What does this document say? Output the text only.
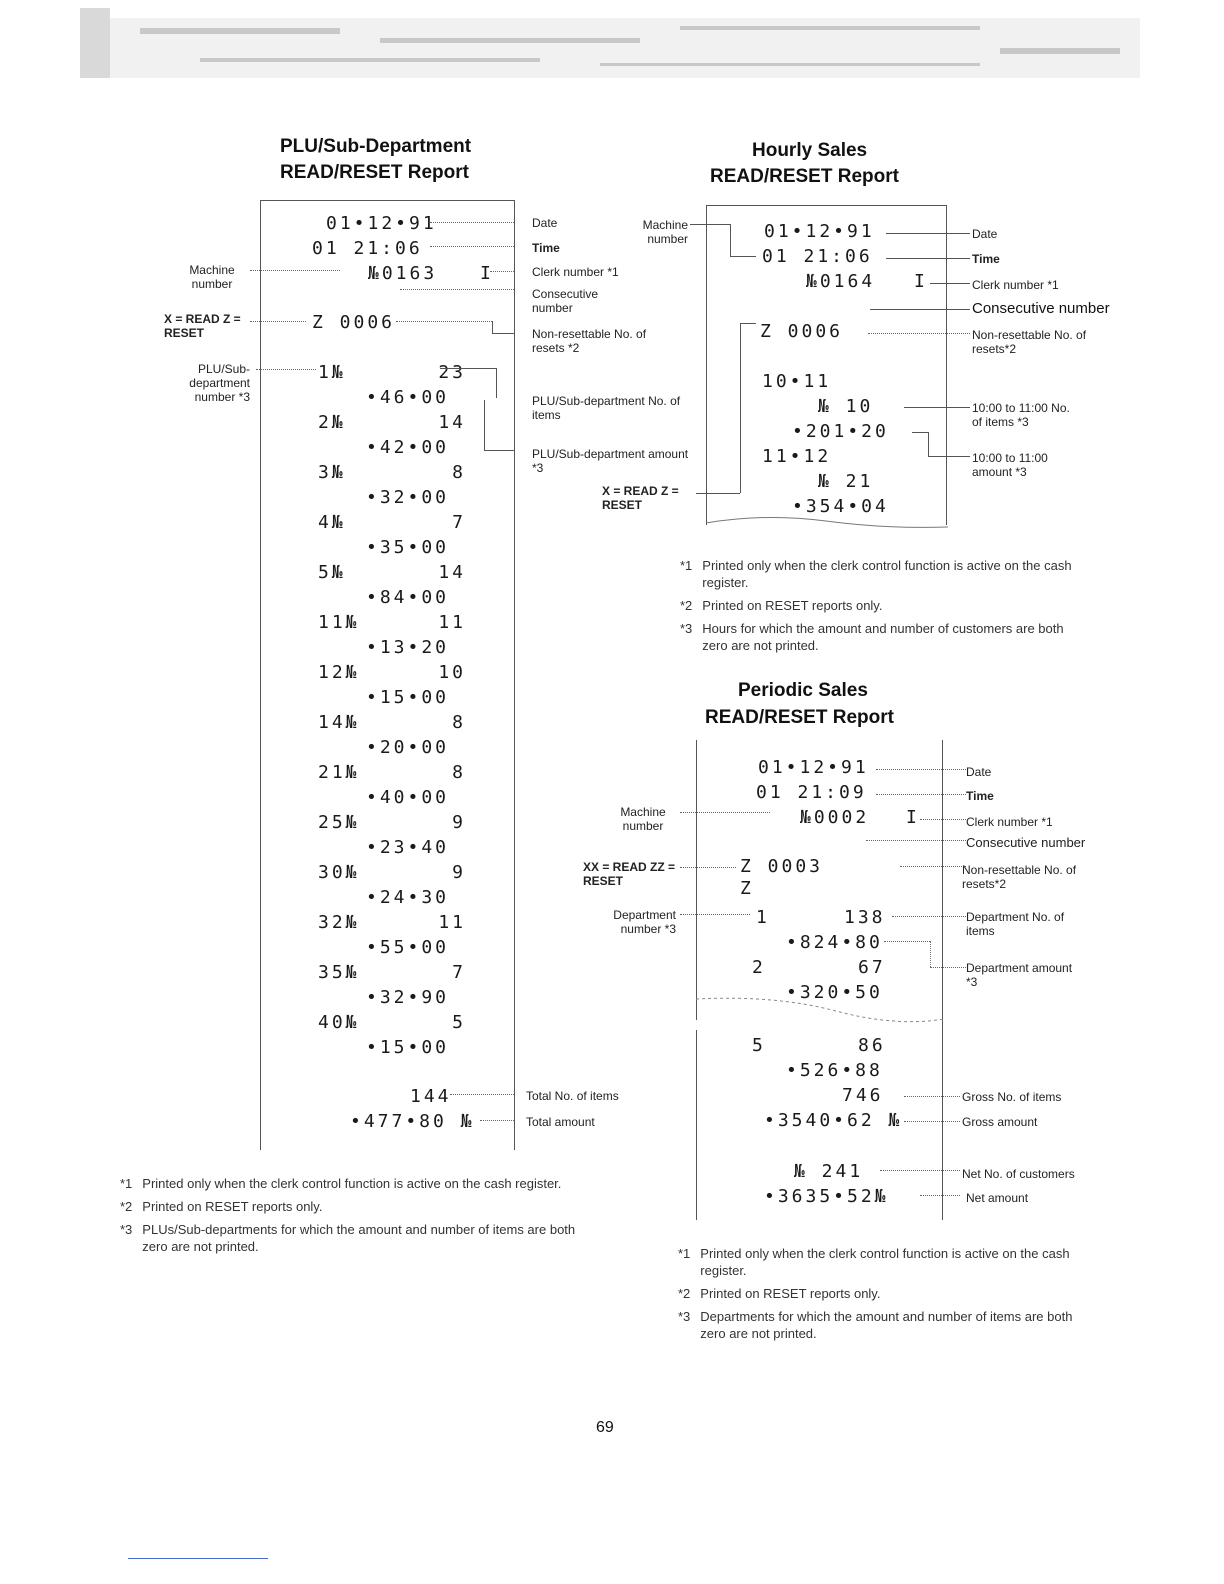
PLU/Sub-Department
READ/RESET Report
01•12•91
01 21:06
№0163 I
Z 0006
1№	23
•46•00
2№	14
•42•00
3№	8
•32•00
4№	7
•35•00
5№	14
•84•00
11№	11
•13•20
12№	10
•15•00
14№	8
•20•00
21№	8
•40•00
25№	9
•23•40
30№	9
•24•30
32№	11
•55•00
35№	7
•32•90
40№	5
•15•00
144
•477•80 №
Date
Time
Clerk number *1
Consecutive number
Non-resettable No. of resets *2
PLU/Sub-department No. of items
PLU/Sub-department amount *3
X = READ Z = RESET
Total No. of items
Total amount
Machine number
X = READ Z = RESET
PLU/Sub- department number *3
*1 Printed only when the clerk control function is active on the cash register.
*2 Printed on RESET reports only.
*3 PLUs/Sub-departments for which the amount and number of items are both zero are not printed.
Hourly Sales
READ/RESET Report
01•12•91
01 21:06
№0164 I
Z 0006
10•11
№ 10
•201•20
11•12
№ 21
•354•04
Machine number	Date
Time
Clerk number *1
Consecutive number
Non-resettable No. of resets*2
10:00 to 11:00 No. of items *3
10:00 to 11:00 amount *3
*1 Printed only when the clerk control function is active on the cash register.
*2 Printed on RESET reports only.
*3 Hours for which the amount and number of customers are both zero are not printed.
Periodic Sales
READ/RESET Report
01•12•91
01 21:09
№0002 I
Z 0003
Z
1	138
•824•80
2	67
•320•50
5	86
•526•88
746
•3540•62 №
№ 241
•3635•52№
Machine number
XX = READ ZZ = RESET
Department number *3
Date
Time
Clerk number *1
Consecutive number
Non-resettable No. of resets*2
Department No. of items
Department amount *3
Gross No. of items
Gross amount
Net No. of customers
Net amount
*1 Printed only when the clerk control function is active on the cash register.
*2 Printed on RESET reports only.
*3 Departments for which the amount and number of items are both zero are not printed.
69
